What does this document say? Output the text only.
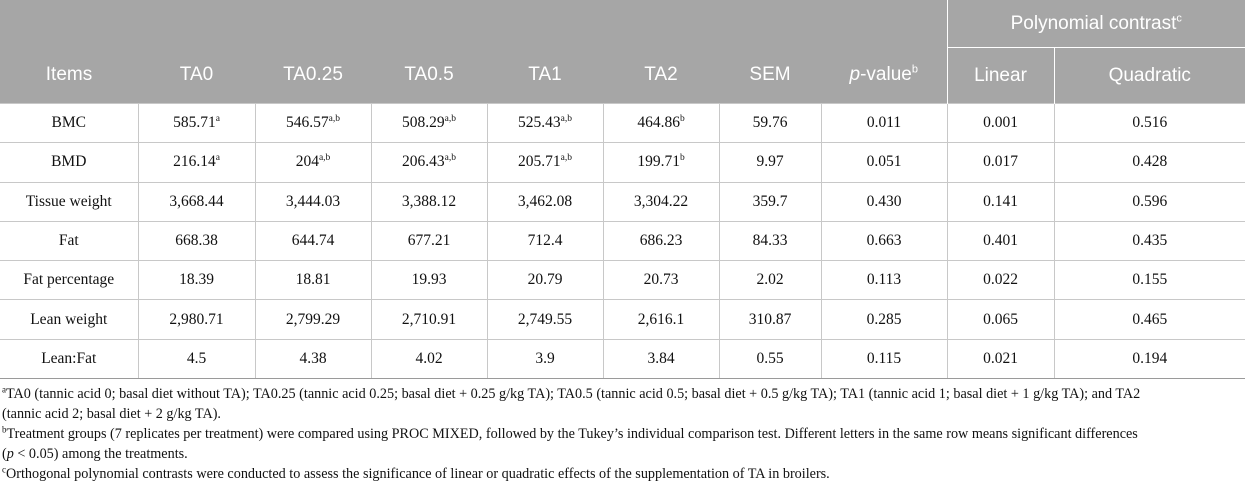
								Polynomial contrast$^c$
Items	TA0	TA0.25	TA0.5	TA1	TA2	SEM	p-value$^b$	Linear	Quadratic
BMC	585.71$^a$	546.57$^{a,b}$	508.29$^{a,b}$	525.43$^{a,b}$	464.86$^b$	59.76	0.011	0.001	0.516
BMD	216.14$^a$	204$^{a,b}$	206.43$^{a,b}$	205.71$^{a,b}$	199.71$^b$	9.97	0.051	0.017	0.428
Tissue weight	3,668.44	3,444.03	3,388.12	3,462.08	3,304.22	359.7	0.430	0.141	0.596
Fat	668.38	644.74	677.21	712.4	686.23	84.33	0.663	0.401	0.435
Fat percentage	18.39	18.81	19.93	20.79	20.73	2.02	0.113	0.022	0.155
Lean weight	2,980.71	2,799.29	2,710.91	2,749.55	2,616.1	310.87	0.285	0.065	0.465
Lean:Fat	4.5	4.38	4.02	3.9	3.84	0.55	0.115	0.021	0.194

$^a$TA0 (tannic acid 0; basal diet without TA); TA0.25 (tannic acid 0.25; basal diet + 0.25 g/kg TA); TA0.5 (tannic acid 0.5; basal diet + 0.5 g/kg TA); TA1 (tannic acid 1; basal diet + 1 g/kg TA); and TA2 (tannic acid 2; basal diet + 2 g/kg TA).

$^b$Treatment groups (7 replicates per treatment) were compared using PROC MIXED, followed by the Tukey’s individual comparison test. Different letters in the same row means significant differences (p < 0.05) among the treatments.

$^c$Orthogonal polynomial contrasts were conducted to assess the significance of linear or quadratic effects of the supplementation of TA in broilers.
